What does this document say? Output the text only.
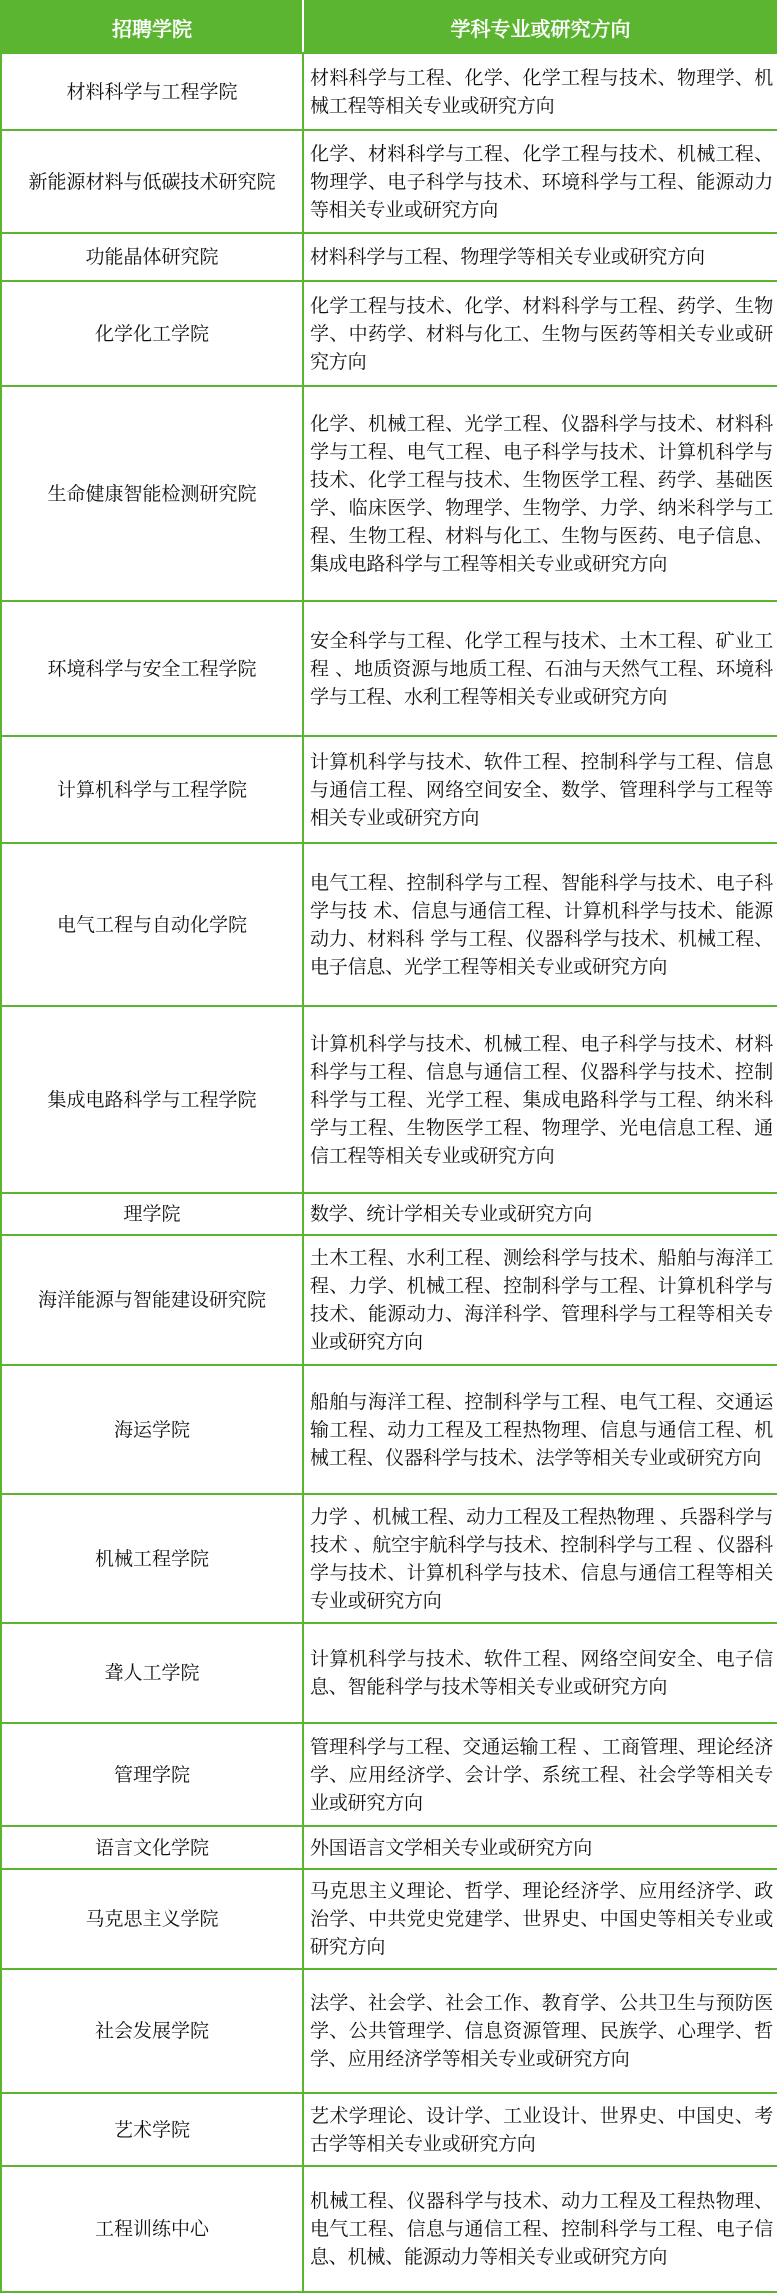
招聘学院	学科专业或研究方向
材料科学与工程学院	材料科学与工程、化学、化学工程与技术、物理学、机械工程等相关专业或研究方向
新能源材料与低碳技术研究院	化学、材料科学与工程、化学工程与技术、机械工程、物理学、电子科学与技术、环境科学与工程、能源动力等相关专业或研究方向
功能晶体研究院	材料科学与工程、物理学等相关专业或研究方向
化学化工学院	化学工程与技术、化学、材料科学与工程、药学、生物学、中药学、材料与化工、生物与医药等相关专业或研究方向
生命健康智能检测研究院	化学、机械工程、光学工程、仪器科学与技术、材料科学与工程、电气工程、电子科学与技术、计算机科学与技术、化学工程与技术、生物医学工程、药学、基础医学、临床医学、物理学、生物学、力学、纳米科学与工程、生物工程、材料与化工、生物与医药、电子信息、集成电路科学与工程等相关专业或研究方向
环境科学与安全工程学院	安全科学与工程、化学工程与技术、土木工程、矿业工程 、地质资源与地质工程、石油与天然气工程、环境科学与工程、水利工程等相关专业或研究方向
计算机科学与工程学院	计算机科学与技术、软件工程、控制科学与工程、信息与通信工程、网络空间安全、数学、管理科学与工程等相关专业或研究方向
电气工程与自动化学院	电气工程、控制科学与工程、智能科学与技术、电子科学与技 术、信息与通信工程、计算机科学与技术、能源动力、材料科 学与工程、仪器科学与技术、机械工程、电子信息、光学工程等相关专业或研究方向
集成电路科学与工程学院	计算机科学与技术、机械工程、电子科学与技术、材料科学与工程、信息与通信工程、仪器科学与技术、控制科学与工程、光学工程、集成电路科学与工程、纳米科学与工程、生物医学工程、物理学、光电信息工程、通信工程等相关专业或研究方向
理学院	数学、统计学相关专业或研究方向
海洋能源与智能建设研究院	土木工程、水利工程、测绘科学与技术、船舶与海洋工程、力学、机械工程、控制科学与工程、计算机科学与技术、能源动力、海洋科学、管理科学与工程等相关专业或研究方向
海运学院	船舶与海洋工程、控制科学与工程、电气工程、交通运输工程、动力工程及工程热物理、信息与通信工程、机械工程、仪器科学与技术、法学等相关专业或研究方向
机械工程学院	力学 、机械工程、动力工程及工程热物理 、兵器科学与技术 、航空宇航科学与技术、控制科学与工程 、仪器科学与技术、计算机科学与技术、信息与通信工程等相关专业或研究方向
聋人工学院	计算机科学与技术、软件工程、网络空间安全、电子信息、智能科学与技术等相关专业或研究方向
管理学院	管理科学与工程、交通运输工程 、工商管理、理论经济学、应用经济学、会计学、系统工程、社会学等相关专业或研究方向
语言文化学院	外国语言文学相关专业或研究方向
马克思主义学院	马克思主义理论、哲学、理论经济学、应用经济学、政治学、中共党史党建学、世界史、中国史等相关专业或研究方向
社会发展学院	法学、社会学、社会工作、教育学、公共卫生与预防医学、公共管理学、信息资源管理、民族学、心理学、哲学、应用经济学等相关专业或研究方向
艺术学院	艺术学理论、设计学、工业设计、世界史、中国史、考古学等相关专业或研究方向
工程训练中心	机械工程、仪器科学与技术、动力工程及工程热物理、电气工程、信息与通信工程、控制科学与工程、电子信息、机械、能源动力等相关专业或研究方向
